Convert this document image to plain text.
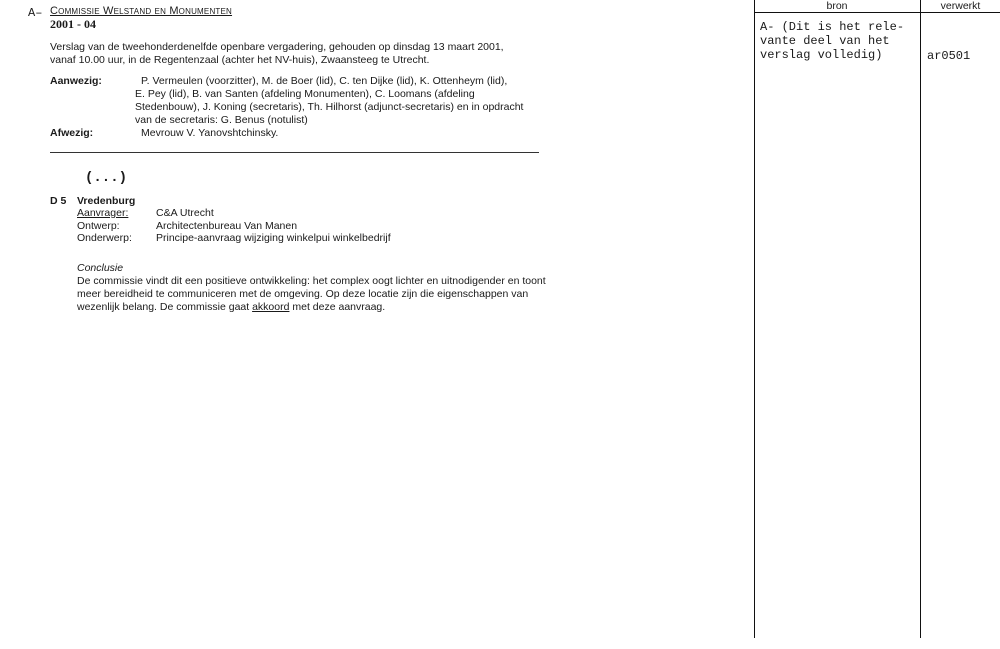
A– Commissie Welstand en Monumenten
2001 - 04
Verslag van de tweehonderdenelfde openbare vergadering, gehouden op dinsdag 13 maart 2001,
vanaf 10.00 uur, in de Regentenzaal (achter het NV-huis), Zwaansteeg te Utrecht.
Aanwezig:	P. Vermeulen (voorzitter), M. de Boer (lid), C. ten Dijke (lid), K. Ottenheym (lid),
E. Pey (lid), B. van Santen (afdeling Monumenten), C. Loomans (afdeling
Stedenbouw), J. Koning (secretaris), Th. Hilhorst (adjunct-secretaris) en in opdracht
van de secretaris: G. Benus (notulist)
Afwezig:	Mevrouw V. Yanovshtchinsky.
(...)
D 5 Vredenburg
Aanvrager:	C&A Utrecht
Ontwerp:	Architectenbureau Van Manen
Onderwerp: Principe-aanvraag wijziging winkelpui winkelbedrijf
Conclusie
De commissie vindt dit een positieve ontwikkeling: het complex oogt lichter en uitnodigender en toont
meer bereidheid te communiceren met de omgeving. Op deze locatie zijn die eigenschappen van
wezenlijk belang. De commissie gaat akkoord met deze aanvraag.
bron	verwerkt
A- (Dit is het rele-
vante deel van het
verslag volledig)	ar0501
